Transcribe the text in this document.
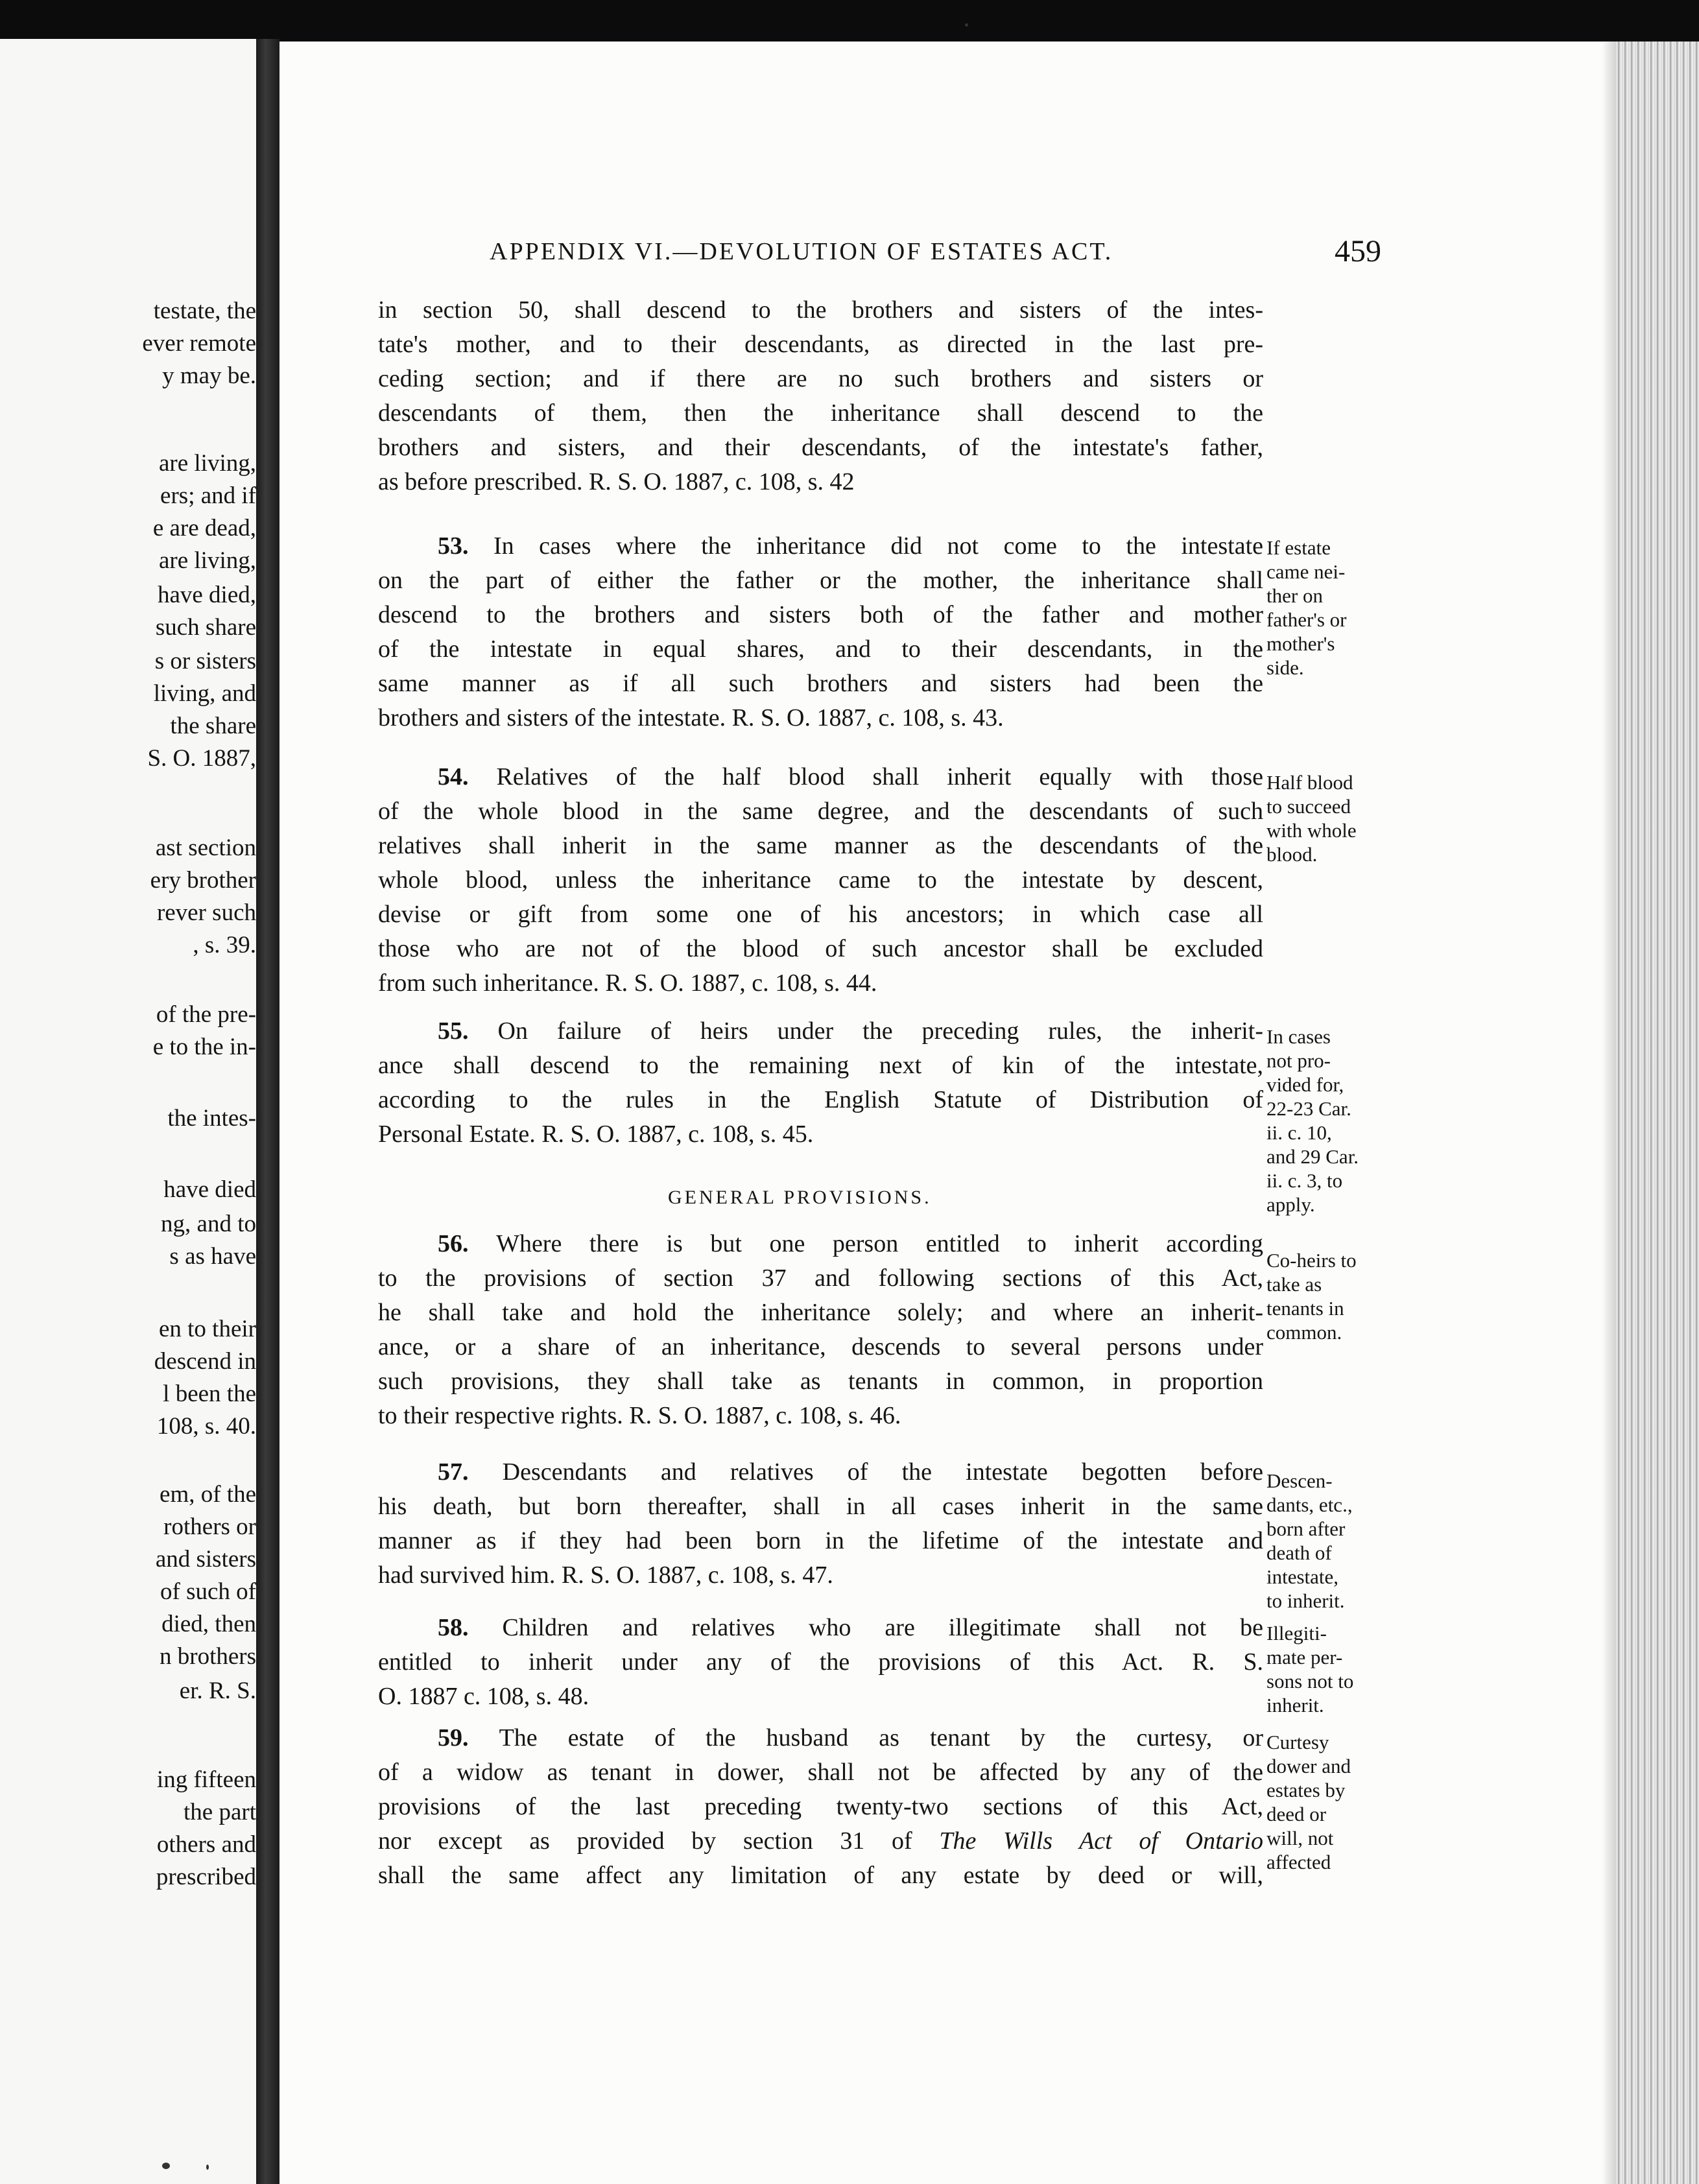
testate, the
ever remote
y may be.
are living,
ers; and if
e are dead,
are living,
have died,
such share
s or sisters
living, and
the share
S. O. 1887,
ast section
ery brother
rever such
, s. 39.
of the pre-
e to the in-
the intes-
have died
ng, and to
s as have
en to their
descend in
l been the
108, s. 40.
em, of the
rothers or
and sisters
of such of
died, then
n brothers
er. R. S.
ing fifteen
the part
others and
prescribed
APPENDIX VI.—DEVOLUTION OF ESTATES ACT.	459
in section 50, shall descend to the brothers and sisters of the intes-
tate's mother, and to their descendants, as directed in the last pre-
ceding section; and if there are no such brothers and sisters or
descendants of them, then the inheritance shall descend to the
brothers and sisters, and their descendants, of the intestate's father,
as before prescribed. R. S. O. 1887, c. 108, s. 42
53. In cases where the inheritance did not come to the intestate
on the part of either the father or the mother, the inheritance shall
descend to the brothers and sisters both of the father and mother
of the intestate in equal shares, and to their descendants, in the
same manner as if all such brothers and sisters had been the
brothers and sisters of the intestate. R. S. O. 1887, c. 108, s. 43.
If estate
came nei-
ther on
father's or
mother's
side.
54. Relatives of the half blood shall inherit equally with those
of the whole blood in the same degree, and the descendants of such
relatives shall inherit in the same manner as the descendants of the
whole blood, unless the inheritance came to the intestate by descent,
devise or gift from some one of his ancestors; in which case all
those who are not of the blood of such ancestor shall be excluded
from such inheritance. R. S. O. 1887, c. 108, s. 44.
Half blood
to succeed
with whole
blood.
55. On failure of heirs under the preceding rules, the inherit-
ance shall descend to the remaining next of kin of the intestate,
according to the rules in the English Statute of Distribution of
Personal Estate. R. S. O. 1887, c. 108, s. 45.
In cases
not pro-
vided for,
22-23 Car.
ii. c. 10,
and 29 Car.
ii. c. 3, to
apply.
56. Where there is but one person entitled to inherit according
to the provisions of section 37 and following sections of this Act,
he shall take and hold the inheritance solely; and where an inherit-
ance, or a share of an inheritance, descends to several persons under
such provisions, they shall take as tenants in common, in proportion
to their respective rights. R. S. O. 1887, c. 108, s. 46.
Co-heirs to
take as
tenants in
common.
57. Descendants and relatives of the intestate begotten before
his death, but born thereafter, shall in all cases inherit in the same
manner as if they had been born in the lifetime of the intestate and
had survived him. R. S. O. 1887, c. 108, s. 47.
Descen-
dants, etc.,
born after
death of
intestate,
to inherit.
58. Children and relatives who are illegitimate shall not be
entitled to inherit under any of the provisions of this Act. R. S.
O. 1887 c. 108, s. 48.
Illegiti-
mate per-
sons not to
inherit.
59. The estate of the husband as tenant by the curtesy, or
of a widow as tenant in dower, shall not be affected by any of the
provisions of the last preceding twenty-two sections of this Act,
nor except as provided by section 31 of The Wills Act of Ontario
shall the same affect any limitation of any estate by deed or will,
Curtesy
dower and
estates by
deed or
will, not
affected
GENERAL PROVISIONS.
